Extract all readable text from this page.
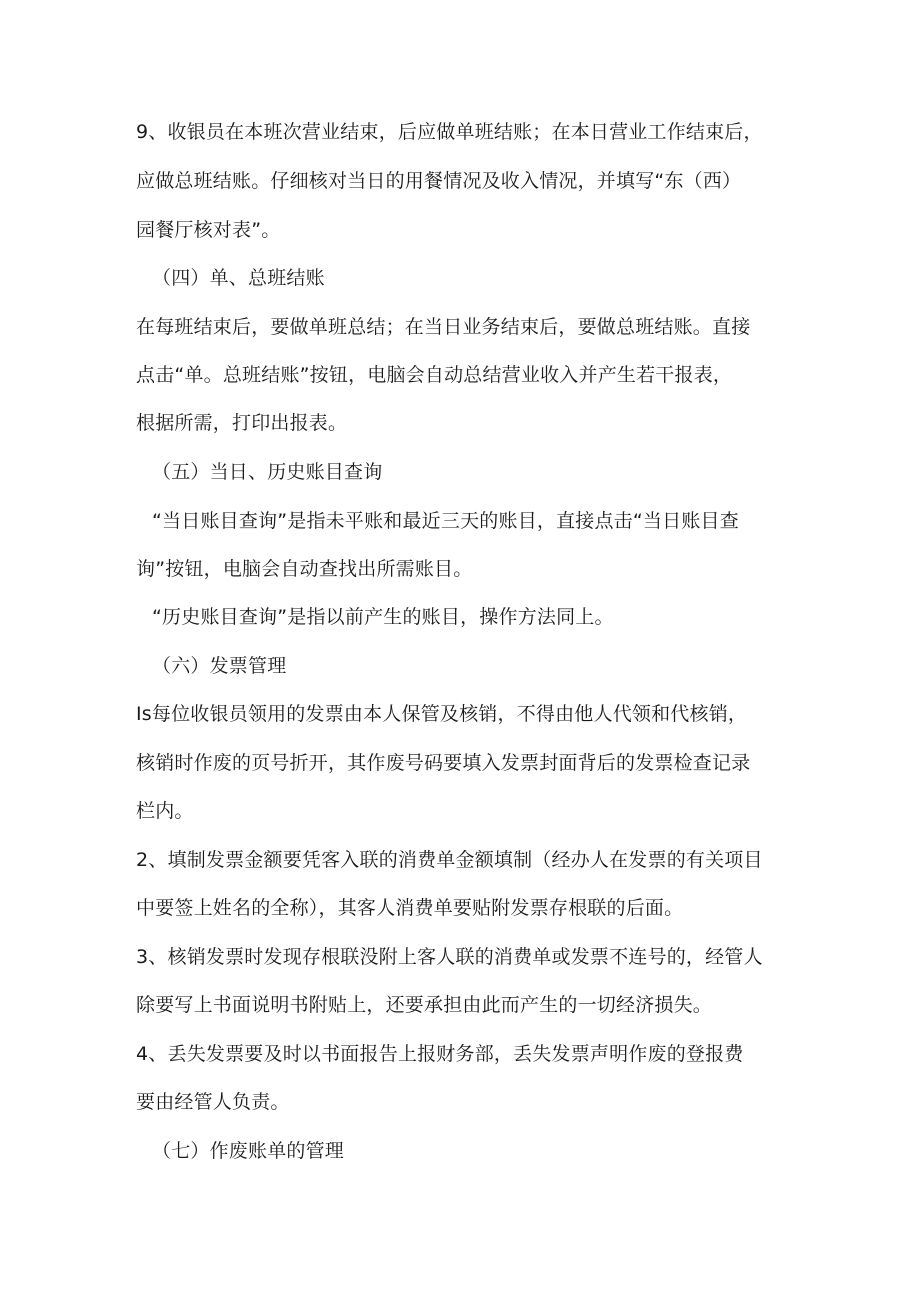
9、收银员在本班次营业结束，后应做单班结账；在本日营业工作结束后，
应做总班结账。仔细核对当日的用餐情况及收入情况，并填写“东（西）
园餐厅核对表”。
（四）单、总班结账
在每班结束后，要做单班总结；在当日业务结束后，要做总班结账。直接
点击“单。总班结账”按钮，电脑会自动总结营业收入并产生若干报表，
根据所需，打印出报表。
（五）当日、历史账目查询
“当日账目查询”是指未平账和最近三天的账目，直接点击“当日账目查
询”按钮，电脑会自动查找出所需账目。
“历史账目查询”是指以前产生的账目，操作方法同上。
（六）发票管理
Is每位收银员领用的发票由本人保管及核销，不得由他人代领和代核销，
核销时作废的页号折开，其作废号码要填入发票封面背后的发票检查记录
栏内。
2、填制发票金额要凭客入联的消费单金额填制（经办人在发票的有关项目
中要签上姓名的全称），其客人消费单要贴附发票存根联的后面。
3、核销发票时发现存根联没附上客人联的消费单或发票不连号的，经管人
除要写上书面说明书附贴上，还要承担由此而产生的一切经济损失。
4、丢失发票要及时以书面报告上报财务部，丢失发票声明作废的登报费
要由经管人负责。
（七）作废账单的管理
